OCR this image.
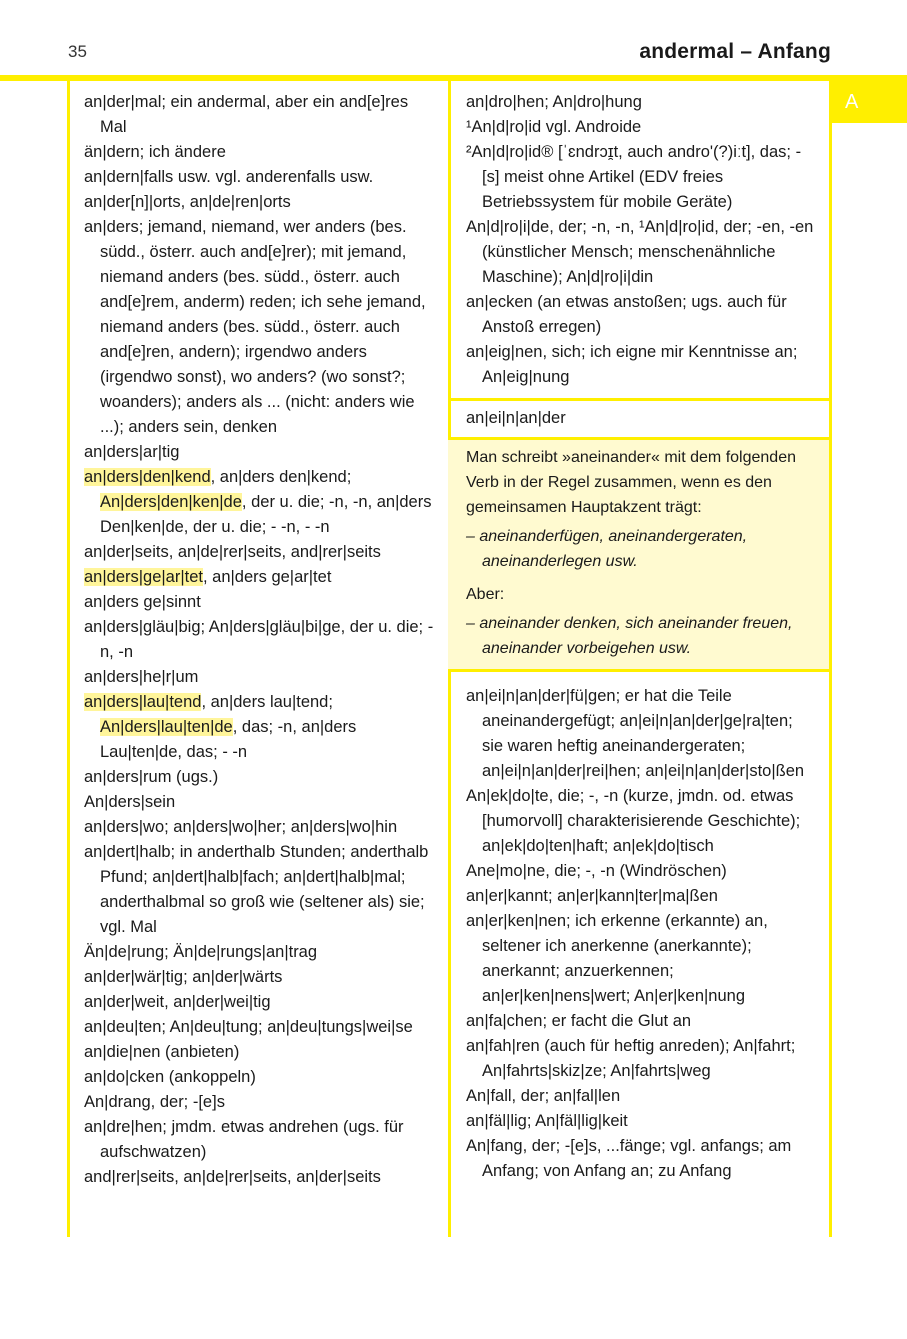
35	andermal – Anfang
A

an|der|mal; ein andermal, aber ein and[e]res Mal

än|dern; ich ändere

an|dern|falls usw. vgl. anderenfalls usw.

an|der[n]|orts, an|de|ren|orts

an|ders; jemand, niemand, wer anders (bes. südd., österr. auch and[e]rer); mit jemand, niemand anders (bes. südd., österr. auch and[e]rem, anderm) reden; ich sehe jemand, niemand anders (bes. südd., österr. auch and[e]ren, andern); irgendwo anders (irgendwo sonst), wo anders? (wo sonst?; woanders); anders als ... (nicht: anders wie ...); anders sein, denken

an|ders|ar|tig

an|ders|den|kend, an|ders den|kend; An|ders|den|ken|de, der u. die; -n, -n, an|ders Den|ken|de, der u. die; - -n, - -n

an|der|seits, an|de|rer|seits, and|rer|seits

an|ders|ge|ar|tet, an|ders ge|ar|tet

an|ders ge|sinnt

an|ders|gläu|big; An|ders|gläu|bi|ge, der u. die; -n, -n

an|ders|he|r|um

an|ders|lau|tend, an|ders lau|tend; An|ders|lau|ten|de, das; -n, an|ders Lau|ten|de, das; - -n

an|ders|rum (ugs.)

An|ders|sein

an|ders|wo; an|ders|wo|her; an|ders|wo|hin

an|dert|halb; in anderthalb Stunden; anderthalb Pfund; an|dert|halb|fach; an|dert|halb|mal; anderthalbmal so groß wie (seltener als) sie; vgl. Mal

Än|de|rung; Än|de|rungs|an|trag

an|der|wär|tig; an|der|wärts

an|der|weit, an|der|wei|tig

an|deu|ten; An|deu|tung; an|deu|tungs|wei|se

an|die|nen (anbieten)

an|do|cken (ankoppeln)

An|drang, der; -[e]s

an|dre|hen; jmdm. etwas andrehen (ugs. für aufschwatzen)

and|rer|seits, an|de|rer|seits, an|der|seits

an|dro|hen; An|dro|hung

¹An|d|ro|id vgl. Androide

²An|d|ro|id® [ˈɛndrɔɪ̯t, auch andro'(?)iːt], das; -[s] meist ohne Artikel (EDV freies Betriebssystem für mobile Geräte)

An|d|ro|i|de, der; -n, -n, ¹An|d|ro|id, der; -en, -en (künstlicher Mensch; menschenähnliche Maschine); An|d|ro|i|din

an|ecken (an etwas anstoßen; ugs. auch für Anstoß erregen)

an|eig|nen, sich; ich eigne mir Kenntnisse an; An|eig|nung

an|ei|n|an|der

Man schreibt »aneinander« mit dem folgenden Verb in der Regel zusammen, wenn es den gemeinsamen Hauptakzent trägt:

– aneinanderfügen, aneinandergeraten, aneinanderlegen usw.

Aber:

– aneinander denken, sich aneinander freuen, aneinander vorbeigehen usw.

an|ei|n|an|der|fü|gen; er hat die Teile aneinandergefügt; an|ei|n|an|der|ge|ra|ten; sie waren heftig aneinandergeraten; an|ei|n|an|der|rei|hen; an|ei|n|an|der|sto|ßen

An|ek|do|te, die; -, -n (kurze, jmdn. od. etwas [humorvoll] charakterisierende Geschichte); an|ek|do|ten|haft; an|ek|do|tisch

Ane|mo|ne, die; -, -n (Windröschen)

an|er|kannt; an|er|kann|ter|ma|ßen

an|er|ken|nen; ich erkenne (erkannte) an, seltener ich anerkenne (anerkannte); anerkannt; anzuerkennen; an|er|ken|nens|wert; An|er|ken|nung

an|fa|chen; er facht die Glut an

an|fah|ren (auch für heftig anreden); An|fahrt; An|fahrts|skiz|ze; An|fahrts|weg

An|fall, der; an|fal|len

an|fäl|lig; An|fäl|lig|keit

An|fang, der; -[e]s, ...fänge; vgl. anfangs; am Anfang; von Anfang an; zu Anfang
